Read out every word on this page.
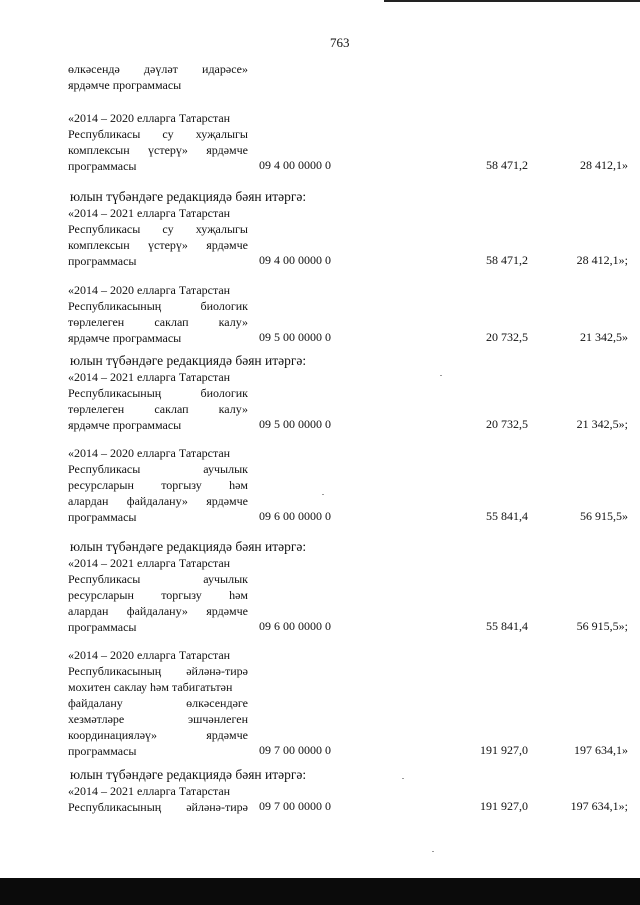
763
өлкәсендә дәүләт идарәсе»
ярдәмче программасы
«2014 – 2020 елларга Татарстан
Республикасы су хуҗалыгы
комплексын үстерү» ярдәмче
программасы	09 4 00 0000 0	58 471,2	28 412,1»
юлын түбәндәге редакциядә бәян итәргә:
«2014 – 2021 елларга Татарстан
Республикасы су хуҗалыгы
комплексын үстерү» ярдәмче
программасы	09 4 00 0000 0	58 471,2	28 412,1»;
«2014 – 2020 елларга Татарстан
Республикасының биологик
төрлелеген саклап калу»
ярдәмче программасы	09 5 00 0000 0	20 732,5	21 342,5»
юлын түбәндәге редакциядә бәян итәргә:
«2014 – 2021 елларга Татарстан
Республикасының биологик
төрлелеген саклап калу»
ярдәмче программасы	09 5 00 0000 0	20 732,5	21 342,5»;
«2014 – 2020 елларга Татарстан
Республикасы аучылык
ресурсларын торгызу һәм
алардан файдалану» ярдәмче
программасы	09 6 00 0000 0	55 841,4	56 915,5»
юлын түбәндәге редакциядә бәян итәргә:
«2014 – 2021 елларга Татарстан
Республикасы аучылык
ресурсларын торгызу һәм
алардан файдалану» ярдәмче
программасы	09 6 00 0000 0	55 841,4	56 915,5»;
«2014 – 2020 елларга Татарстан
Республикасының әйләнә-тирә
мохитен саклау һәм табигатьтән
файдалану өлкәсендәге
хезмәтләре эшчәнлеген
координацияләү» ярдәмче
программасы	09 7 00 0000 0	191 927,0	197 634,1»
юлын түбәндәге редакциядә бәян итәргә:
«2014 – 2021 елларга Татарстан
Республикасының әйләнә-тирә 09 7 00 0000 0	191 927,0	197 634,1»;
